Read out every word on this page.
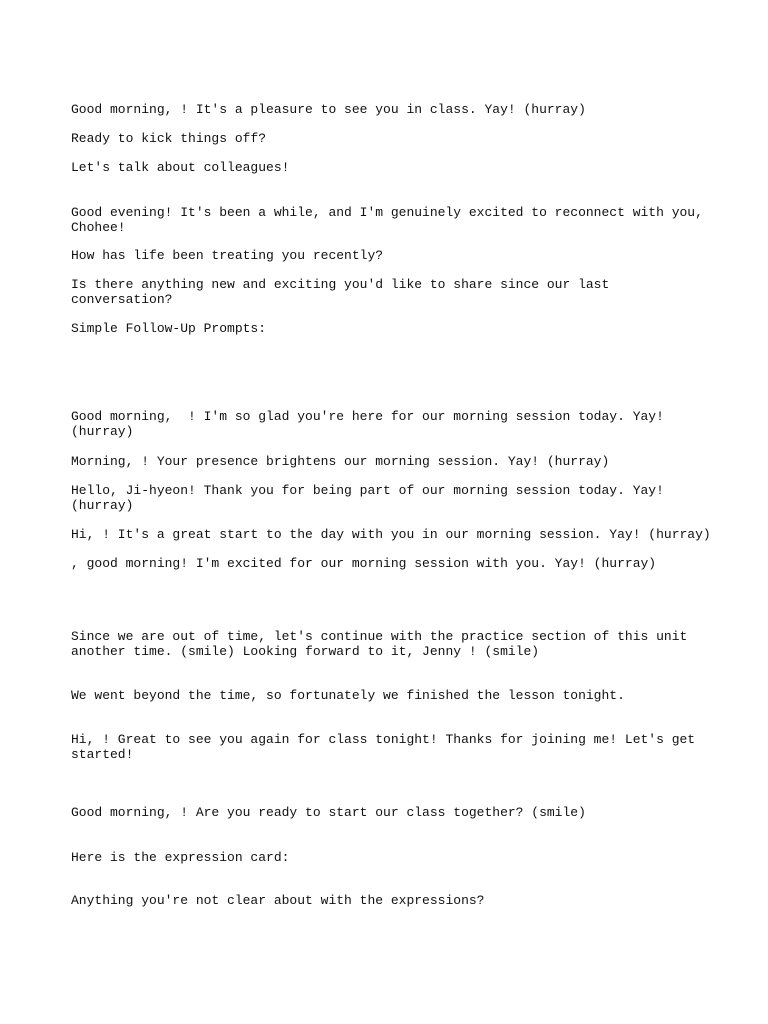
Good morning, ! It's a pleasure to see you in class. Yay! (hurray)

Ready to kick things off?

Let's talk about colleagues!

Good evening! It's been a while, and I'm genuinely excited to reconnect with you, Chohee!

How has life been treating you recently?

Is there anything new and exciting you'd like to share since our last conversation?

Simple Follow-Up Prompts:

Good morning,  ! I'm so glad you're here for our morning session today. Yay! (hurray)

Morning, ! Your presence brightens our morning session. Yay! (hurray)

Hello, Ji-hyeon! Thank you for being part of our morning session today. Yay! (hurray)

Hi, ! It's a great start to the day with you in our morning session. Yay! (hurray)

, good morning! I'm excited for our morning session with you. Yay! (hurray)

Since we are out of time, let's continue with the practice section of this unit another time. (smile) Looking forward to it, Jenny ! (smile)

We went beyond the time, so fortunately we finished the lesson tonight.

Hi, ! Great to see you again for class tonight! Thanks for joining me! Let's get started!

Good morning, ! Are you ready to start our class together? (smile)

Here is the expression card:

Anything you're not clear about with the expressions?
